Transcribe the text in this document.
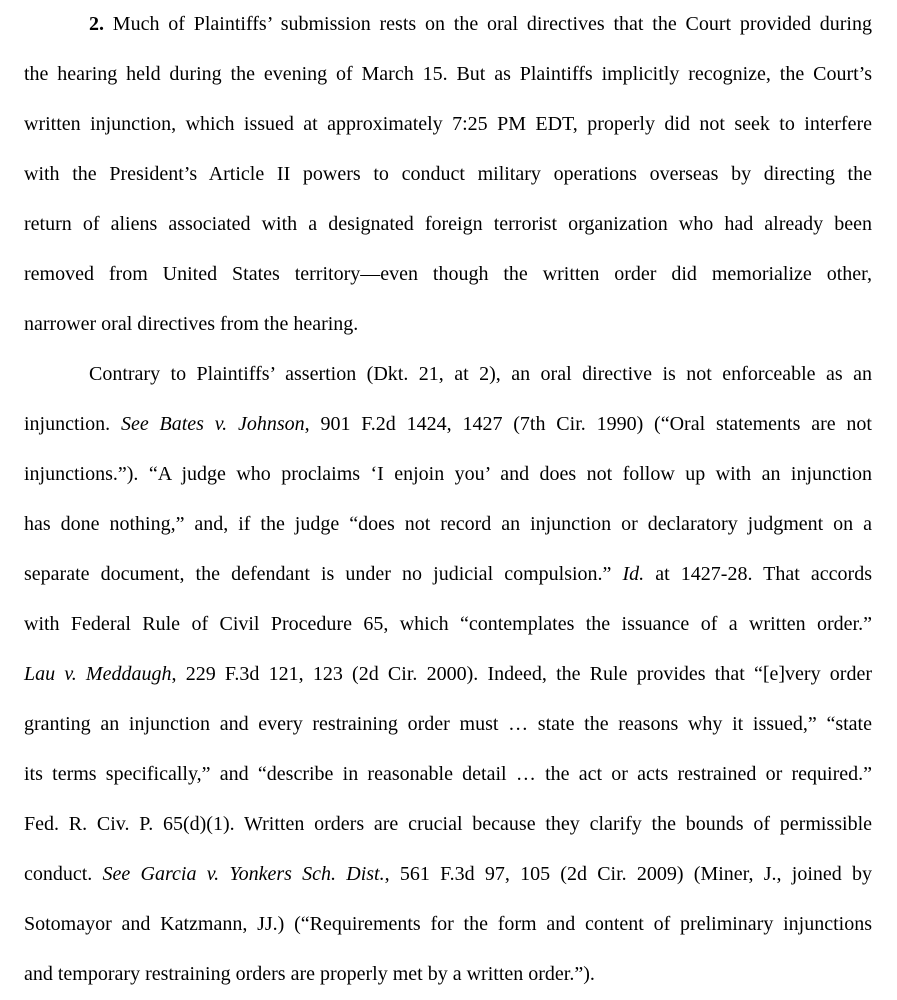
2. Much of Plaintiffs’ submission rests on the oral directives that the Court provided during
the hearing held during the evening of March 15. But as Plaintiffs implicitly recognize, the Court’s
written injunction, which issued at approximately 7:25 PM EDT, properly did not seek to interfere
with the President’s Article II powers to conduct military operations overseas by directing the
return of aliens associated with a designated foreign terrorist organization who had already been
removed from United States territory—even though the written order did memorialize other,
narrower oral directives from the hearing.
Contrary to Plaintiffs’ assertion (Dkt. 21, at 2), an oral directive is not enforceable as an
injunction. See Bates v. Johnson, 901 F.2d 1424, 1427 (7th Cir. 1990) (“Oral statements are not
injunctions.”). “A judge who proclaims ‘I enjoin you’ and does not follow up with an injunction
has done nothing,” and, if the judge “does not record an injunction or declaratory judgment on a
separate document, the defendant is under no judicial compulsion.” Id. at 1427-28. That accords
with Federal Rule of Civil Procedure 65, which “contemplates the issuance of a written order.”
Lau v. Meddaugh, 229 F.3d 121, 123 (2d Cir. 2000). Indeed, the Rule provides that “[e]very order
granting an injunction and every restraining order must … state the reasons why it issued,” “state
its terms specifically,” and “describe in reasonable detail … the act or acts restrained or required.”
Fed. R. Civ. P. 65(d)(1). Written orders are crucial because they clarify the bounds of permissible
conduct. See Garcia v. Yonkers Sch. Dist., 561 F.3d 97, 105 (2d Cir. 2009) (Miner, J., joined by
Sotomayor and Katzmann, JJ.) (“Requirements for the form and content of preliminary injunctions
and temporary restraining orders are properly met by a written order.”).
